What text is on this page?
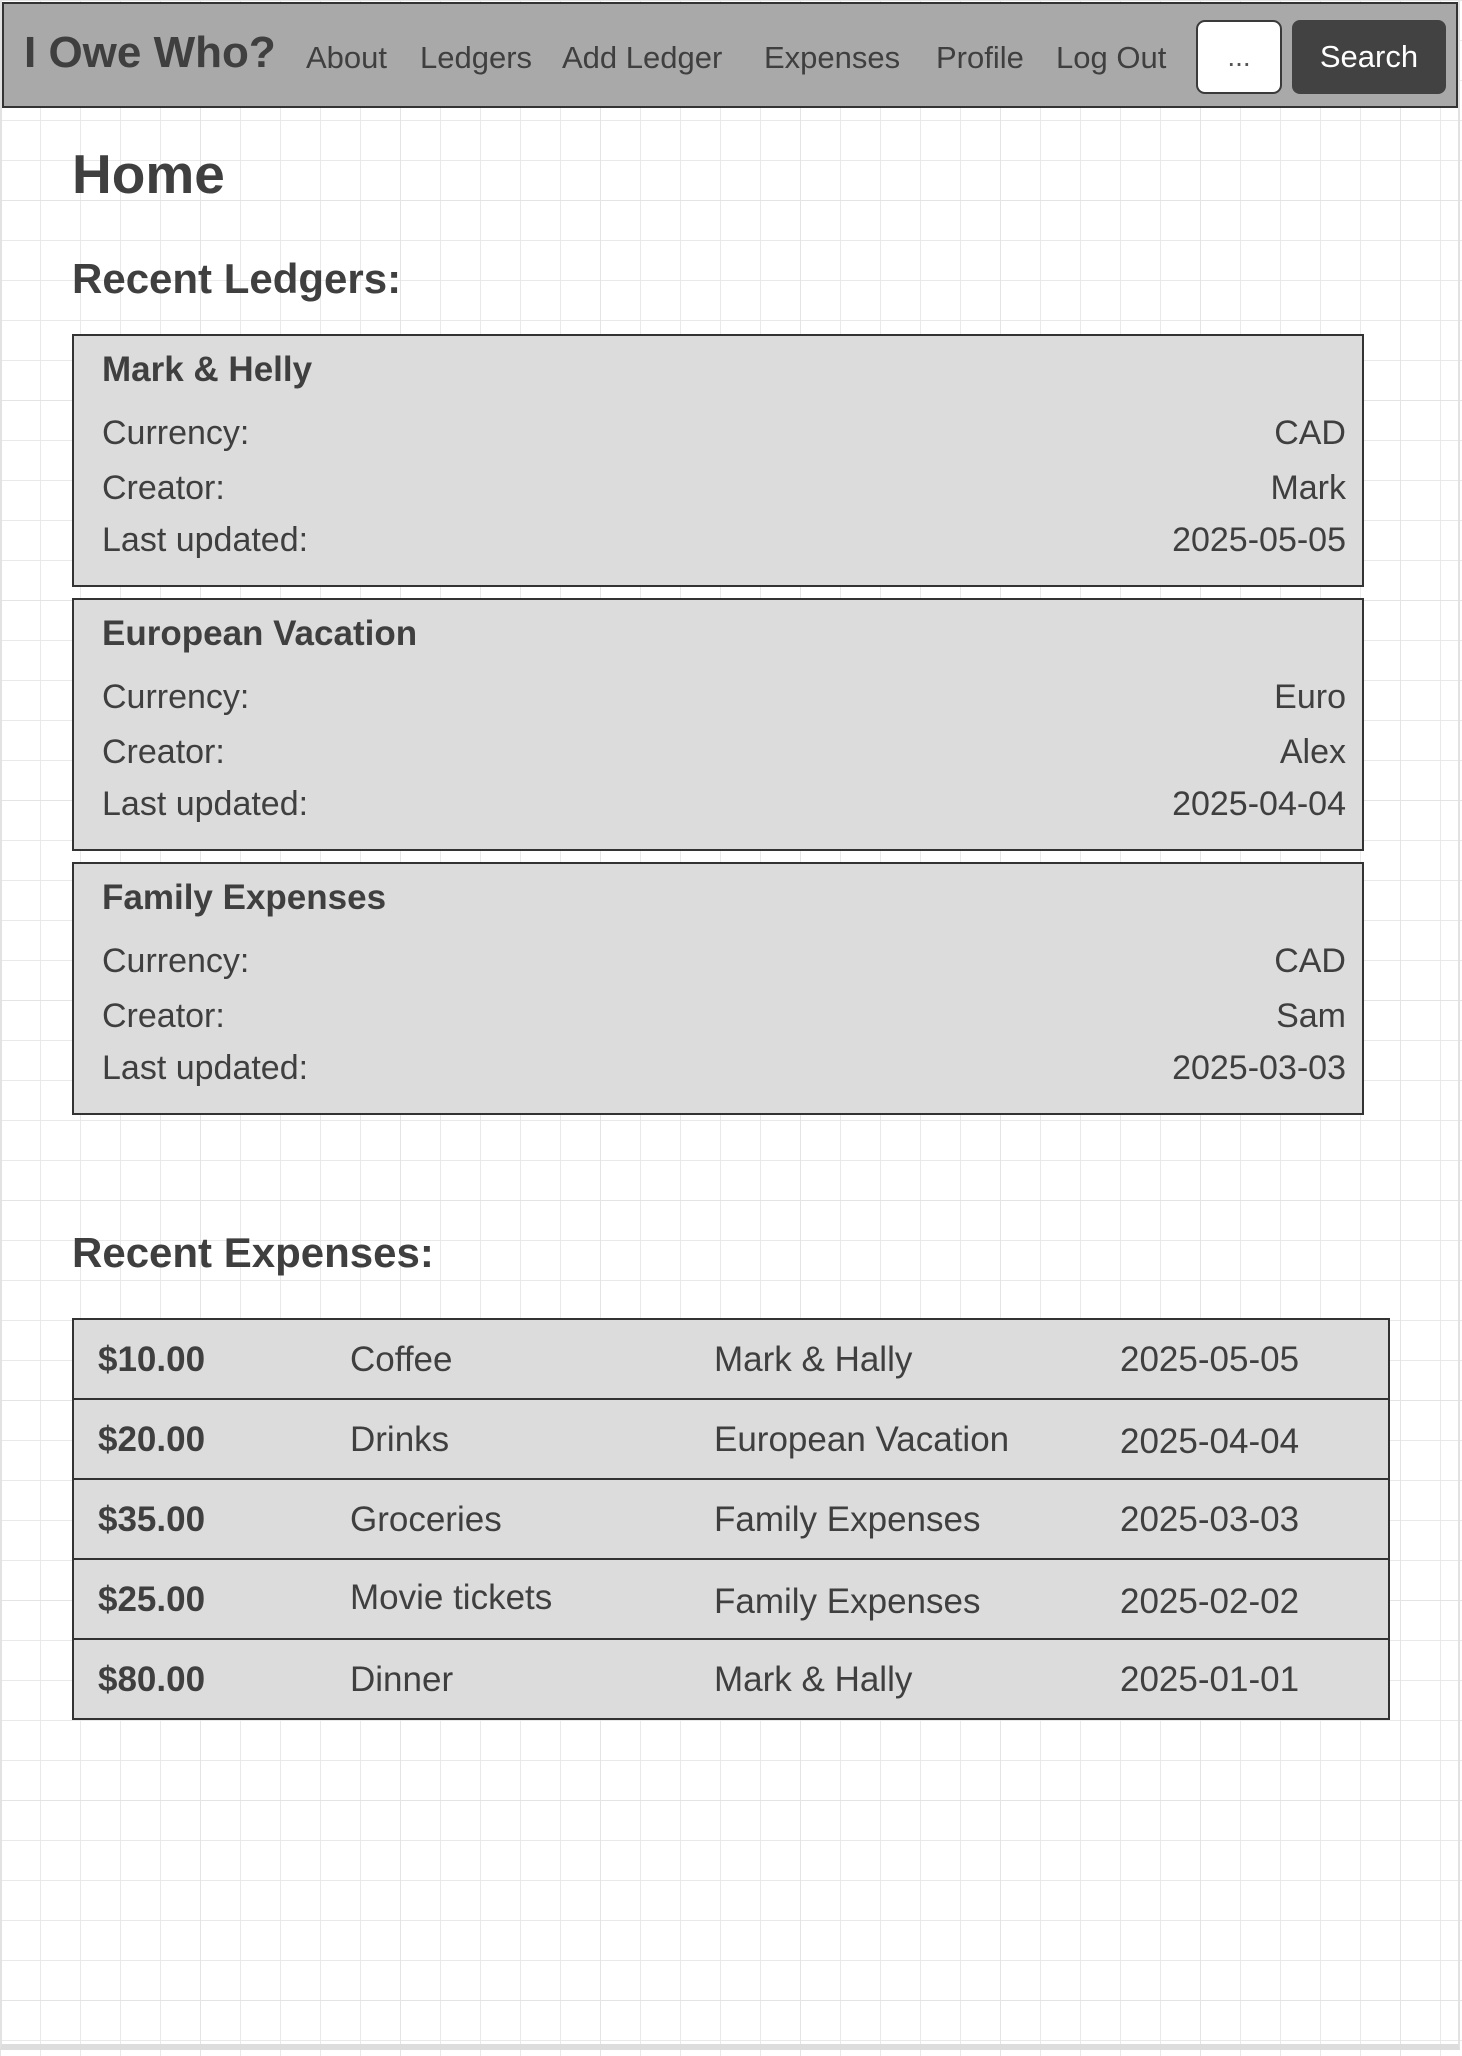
I Owe Who? About Ledgers Add Ledger Expenses Profile Log Out
...	Search
Home
Recent Ledgers:
Mark & Helly
Currency:	CAD
Creator:	Mark
Last updated:	2025-05-05
European Vacation
Currency:	Euro
Creator:	Alex
Last updated:	2025-04-04
Family Expenses
Currency:	CAD
Creator:	Sam
Last updated:	2025-03-03
Recent Expenses:
$10.00	Coffee	Mark & Hally	2025-05-05
$20.00	Drinks	European Vacation	2025-04-04
$35.00	Groceries	Family Expenses	2025-03-03
$25.00	Movie tickets	Family Expenses	2025-02-02
$80.00	Dinner	Mark & Hally	2025-01-01
